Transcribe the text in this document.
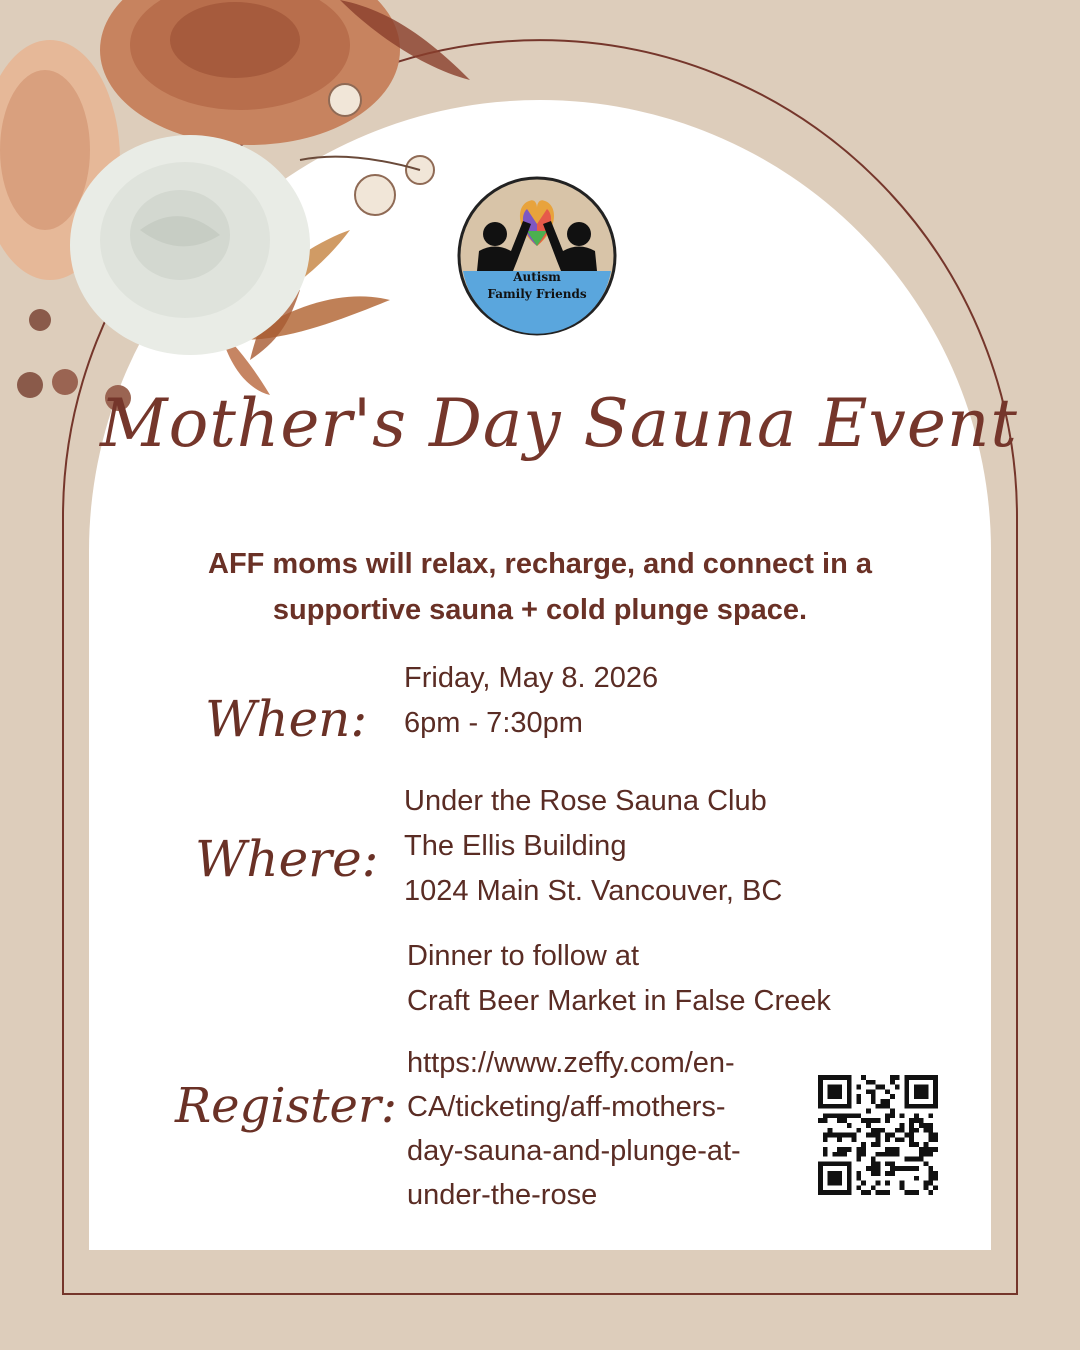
Autism
Family Friends
Mother's Day Sauna Event
AFF moms will relax, recharge, and connect in a
supportive sauna + cold plunge space.
When:
Friday, May 8. 2026
6pm - 7:30pm
Where:
Under the Rose Sauna Club
The Ellis Building
1024 Main St. Vancouver, BC
Dinner to follow at
Craft Beer Market in False Creek
Register:
https://www.zeffy.com/en-
CA/ticketing/aff-mothers-
day-sauna-and-plunge-at-
under-the-rose
